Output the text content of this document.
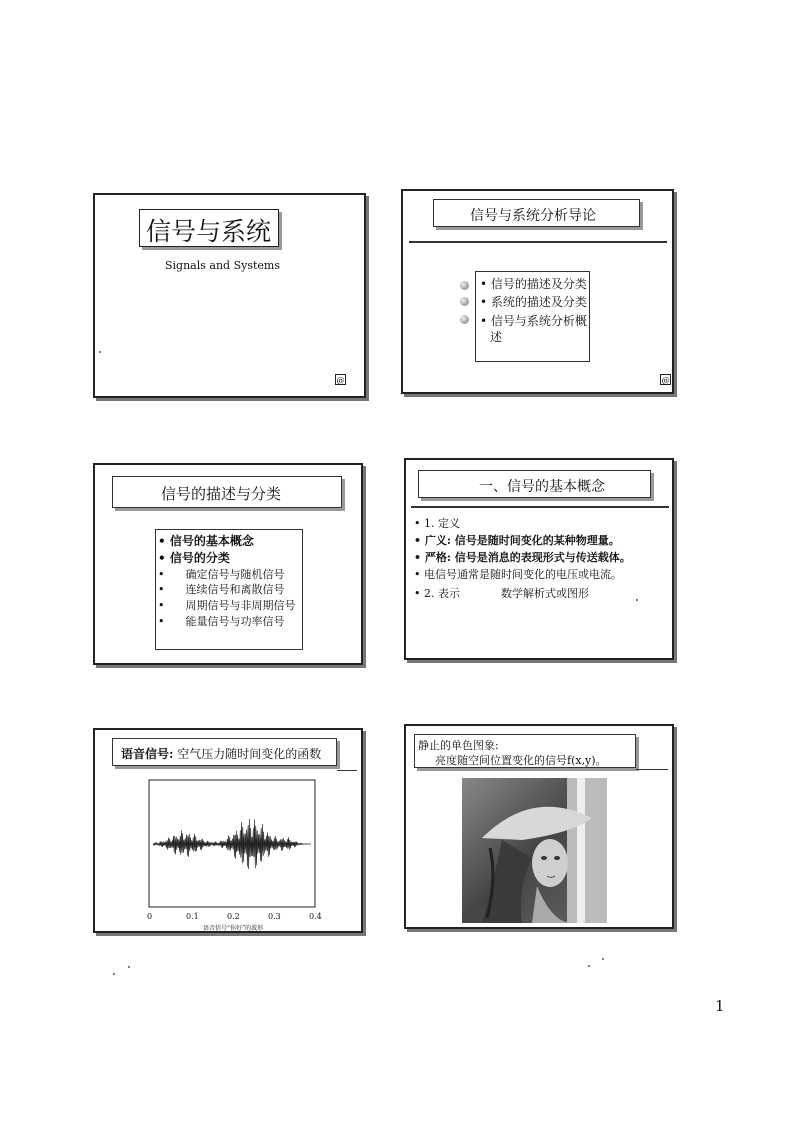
信号与系统
Signals and Systems
@
信号与系统分析导论
• 信号的描述及分类
• 系统的描述及分类
• 信号与系统分析概
述
@
信号的描述与分类
• 信号的基本概念
• 信号的分类
•      确定信号与随机信号
•      连续信号和离散信号
•      周期信号与非周期信号
•      能量信号与功率信号
一、信号的基本概念
• 1. 定义
• 广义: 信号是随时间变化的某种物理量。
• 严格: 信号是消息的表现形式与传送载体。
• 电信号通常是随时间变化的电压或电流。
• 2. 表示	数学解析式或图形
语音信号: 空气压力随时间变化的函数
0	0.1	0.2	0.3	0.4
语音信号“你好”的波形
静止的单色图象:
亮度随空间位置变化的信号f(x,y)。
1
